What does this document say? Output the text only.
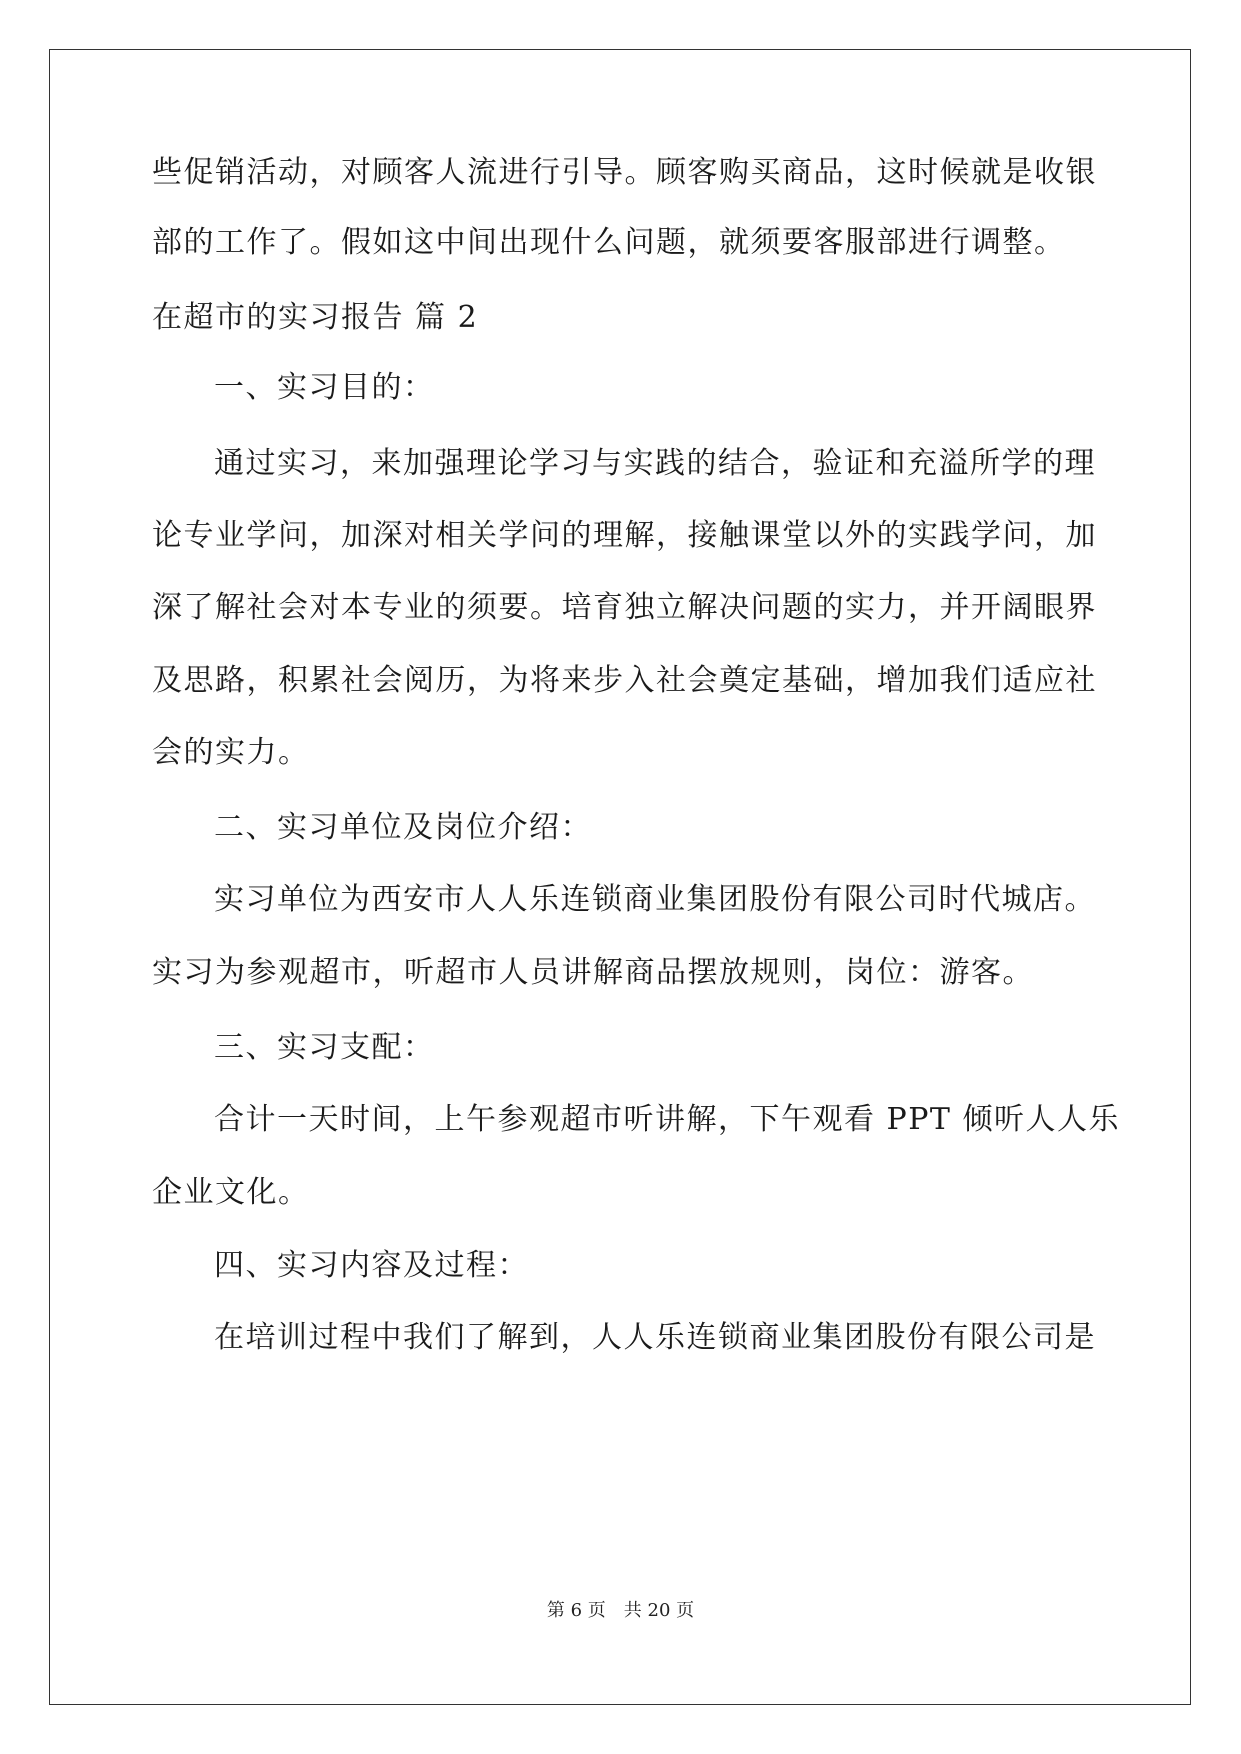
些促销活动，对顾客人流进行引导。顾客购买商品，这时候就是收银
部的工作了。假如这中间出现什么问题，就须要客服部进行调整。
在超市的实习报告 篇 2
一、实习目的：
通过实习，来加强理论学习与实践的结合，验证和充溢所学的理
论专业学问，加深对相关学问的理解，接触课堂以外的实践学问，加
深了解社会对本专业的须要。培育独立解决问题的实力，并开阔眼界
及思路，积累社会阅历，为将来步入社会奠定基础，增加我们适应社
会的实力。
二、实习单位及岗位介绍：
实习单位为西安市人人乐连锁商业集团股份有限公司时代城店。
实习为参观超市，听超市人员讲解商品摆放规则，岗位：游客。
三、实习支配：
合计一天时间，上午参观超市听讲解，下午观看 PPT 倾听人人乐
企业文化。
四、实习内容及过程：
在培训过程中我们了解到，人人乐连锁商业集团股份有限公司是
第 6 页　共 20 页
